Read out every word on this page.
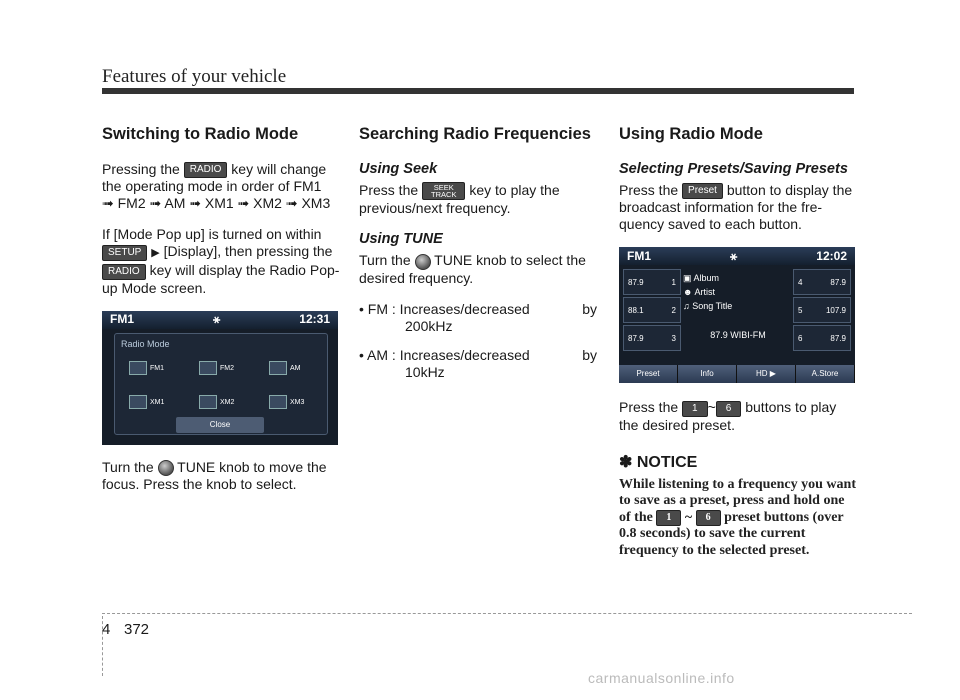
Features of your vehicle
Switching to Radio Mode

Pressing the RADIO key will change the operating mode in order of FM1
➟ FM2 ➟ AM ➟ XM1 ➟ XM2 ➟ XM3

If [Mode Pop up] is turned on within SETUP ▶ [Display], then pressing the RADIO key will display the Radio Pop-up Mode screen.

FM1	⚹	12:31
Radio Mode
FM1	FM2	AM
XM1	XM2	XM3
Close

Turn the TUNE knob to move the focus. Press the knob to select.

Searching Radio Frequencies
Using Seek

Press the SEEK
TRACK key to play the previous/next frequency.

Using TUNE

Turn the TUNE knob to select the desired frequency.

• FM : Increases/decreased	by
200kHz
• AM : Increases/decreased	by
10kHz
Using Radio Mode
Selecting Presets/Saving Presets

Press the Preset button to display the broadcast information for the fre-quency saved to each button.

FM1	⚹	12:02
87.9	1
88.1	2
87.9	3
▣ Album
☻ Artist
♫ Song Title
87.9 WIBI-FM
4	87.9
5	107.9
6	87.9
Preset	Info	HD ▶	A.Store

Press the 1 ~ 6 buttons to play the desired preset.

✽ NOTICE
While listening to a frequency you want to save as a preset, press and hold one of the 1 ~ 6 preset buttons (over 0.8 seconds) to save the current frequency to the selected preset.
4 372
carmanualsonline.info
